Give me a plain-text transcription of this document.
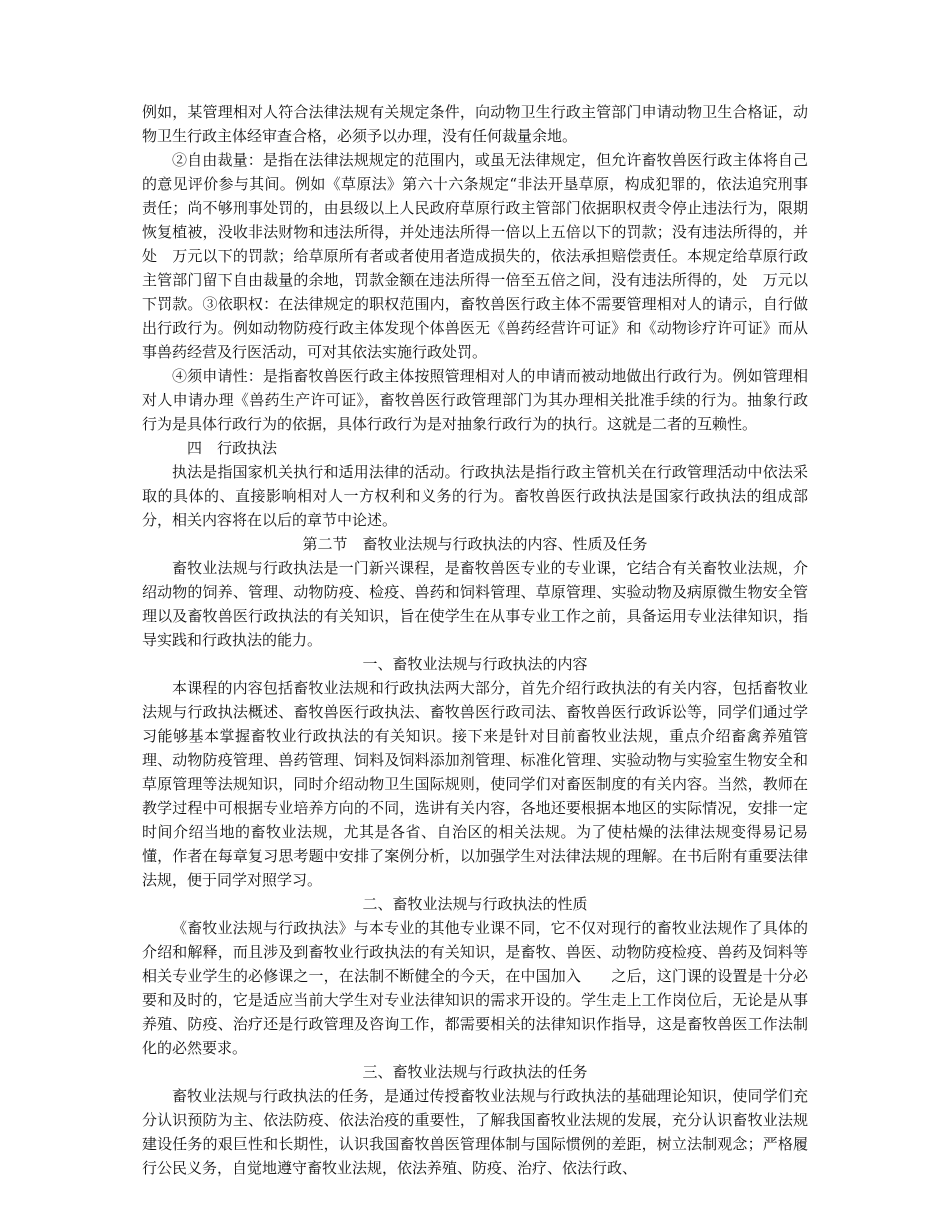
例如，某管理相对人符合法律法规有关规定条件，向动物卫生行政主管部门申请动物卫生合格证，动物卫生行政主体经审查合格，必须予以办理，没有任何裁量余地。

②自由裁量：是指在法律法规规定的范围内，或虽无法律规定，但允许畜牧兽医行政主体将自己的意见评价参与其间。例如《草原法》第六十六条规定“非法开垦草原，构成犯罪的，依法追究刑事责任；尚不够刑事处罚的，由县级以上人民政府草原行政主管部门依据职权责令停止违法行为，限期恢复植被，没收非法财物和违法所得，并处违法所得一倍以上五倍以下的罚款；没有违法所得的，并处　万元以下的罚款；给草原所有者或者使用者造成损失的，依法承担赔偿责任。本规定给草原行政主管部门留下自由裁量的余地，罚款金额在违法所得一倍至五倍之间，没有违法所得的，处　万元以下罚款。③依职权：在法律规定的职权范围内，畜牧兽医行政主体不需要管理相对人的请示，自行做出行政行为。例如动物防疫行政主体发现个体兽医无《兽药经营许可证》和《动物诊疗许可证》而从事兽药经营及行医活动，可对其依法实施行政处罚。

④须申请性：是指畜牧兽医行政主体按照管理相对人的申请而被动地做出行政行为。例如管理相对人申请办理《兽药生产许可证》，畜牧兽医行政管理部门为其办理相关批准手续的行为。抽象行政行为是具体行政行为的依据，具体行政行为是对抽象行政行为的执行。这就是二者的互赖性。

四　行政执法

执法是指国家机关执行和适用法律的活动。行政执法是指行政主管机关在行政管理活动中依法采取的具体的、直接影响相对人一方权利和义务的行为。畜牧兽医行政执法是国家行政执法的组成部分，相关内容将在以后的章节中论述。

第二节　畜牧业法规与行政执法的内容、性质及任务

畜牧业法规与行政执法是一门新兴课程，是畜牧兽医专业的专业课，它结合有关畜牧业法规，介绍动物的饲养、管理、动物防疫、检疫、兽药和饲料管理、草原管理、实验动物及病原微生物安全管理以及畜牧兽医行政执法的有关知识，旨在使学生在从事专业工作之前，具备运用专业法律知识，指导实践和行政执法的能力。

一、畜牧业法规与行政执法的内容

本课程的内容包括畜牧业法规和行政执法两大部分，首先介绍行政执法的有关内容，包括畜牧业法规与行政执法概述、畜牧兽医行政执法、畜牧兽医行政司法、畜牧兽医行政诉讼等，同学们通过学习能够基本掌握畜牧业行政执法的有关知识。接下来是针对目前畜牧业法规，重点介绍畜禽养殖管理、动物防疫管理、兽药管理、饲料及饲料添加剂管理、标准化管理、实验动物与实验室生物安全和草原管理等法规知识，同时介绍动物卫生国际规则，使同学们对畜医制度的有关内容。当然，教师在教学过程中可根据专业培养方向的不同，选讲有关内容，各地还要根据本地区的实际情况，安排一定时间介绍当地的畜牧业法规，尤其是各省、自治区的相关法规。为了使枯燥的法律法规变得易记易懂，作者在每章复习思考题中安排了案例分析，以加强学生对法律法规的理解。在书后附有重要法律法规，便于同学对照学习。

二、畜牧业法规与行政执法的性质

《畜牧业法规与行政执法》与本专业的其他专业课不同，它不仅对现行的畜牧业法规作了具体的介绍和解释，而且涉及到畜牧业行政执法的有关知识，是畜牧、兽医、动物防疫检疫、兽药及饲料等相关专业学生的必修课之一，在法制不断健全的今天，在中国加入　　之后，这门课的设置是十分必要和及时的，它是适应当前大学生对专业法律知识的需求开设的。学生走上工作岗位后，无论是从事养殖、防疫、治疗还是行政管理及咨询工作，都需要相关的法律知识作指导，这是畜牧兽医工作法制化的必然要求。

三、畜牧业法规与行政执法的任务

畜牧业法规与行政执法的任务，是通过传授畜牧业法规与行政执法的基础理论知识，使同学们充分认识预防为主、依法防疫、依法治疫的重要性，了解我国畜牧业法规的发展，充分认识畜牧业法规建设任务的艰巨性和长期性，认识我国畜牧兽医管理体制与国际惯例的差距，树立法制观念；严格履行公民义务，自觉地遵守畜牧业法规，依法养殖、防疫、治疗、依法行政、
